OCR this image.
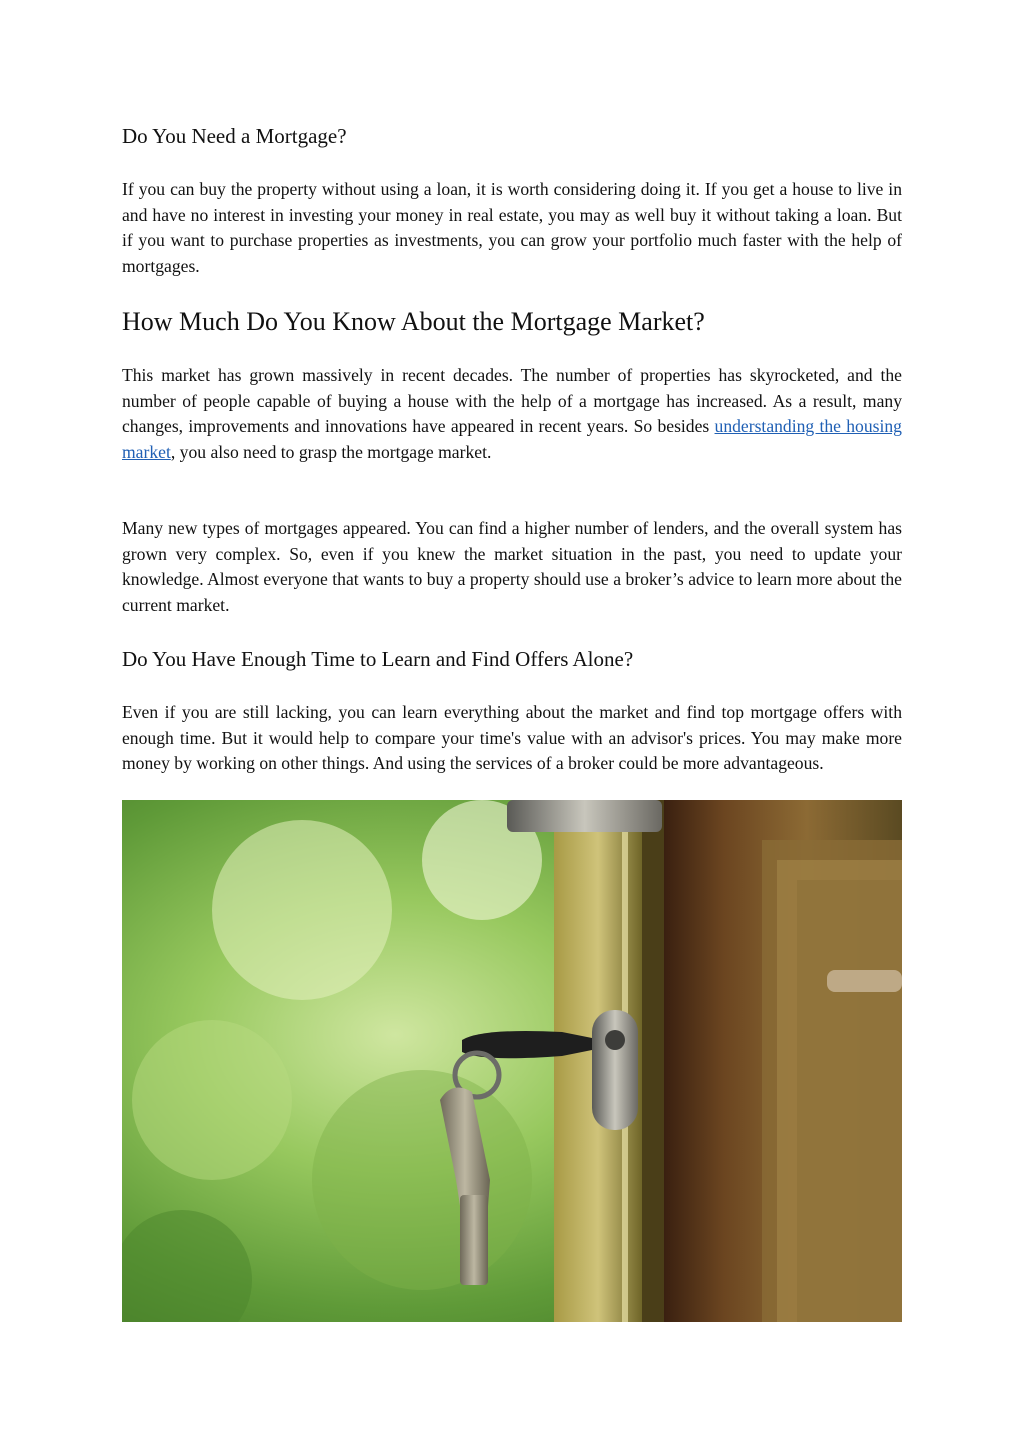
Do You Need a Mortgage?

If you can buy the property without using a loan, it is worth considering doing it. If you get a house to live in and have no interest in investing your money in real estate, you may as well buy it without taking a loan. But if you want to purchase properties as investments, you can grow your portfolio much faster with the help of mortgages.

How Much Do You Know About the Mortgage Market?

This market has grown massively in recent decades. The number of properties has skyrocketed, and the number of people capable of buying a house with the help of a mortgage has increased. As a result, many changes, improvements and innovations have appeared in recent years. So besides understanding the housing market, you also need to grasp the mortgage market.

Many new types of mortgages appeared. You can find a higher number of lenders, and the overall system has grown very complex. So, even if you knew the market situation in the past, you need to update your knowledge. Almost everyone that wants to buy a property should use a broker’s advice to learn more about the current market.

Do You Have Enough Time to Learn and Find Offers Alone?

Even if you are still lacking, you can learn everything about the market and find top mortgage offers with enough time. But it would help to compare your time's value with an advisor's prices. You may make more money by working on other things. And using the services of a broker could be more advantageous.
